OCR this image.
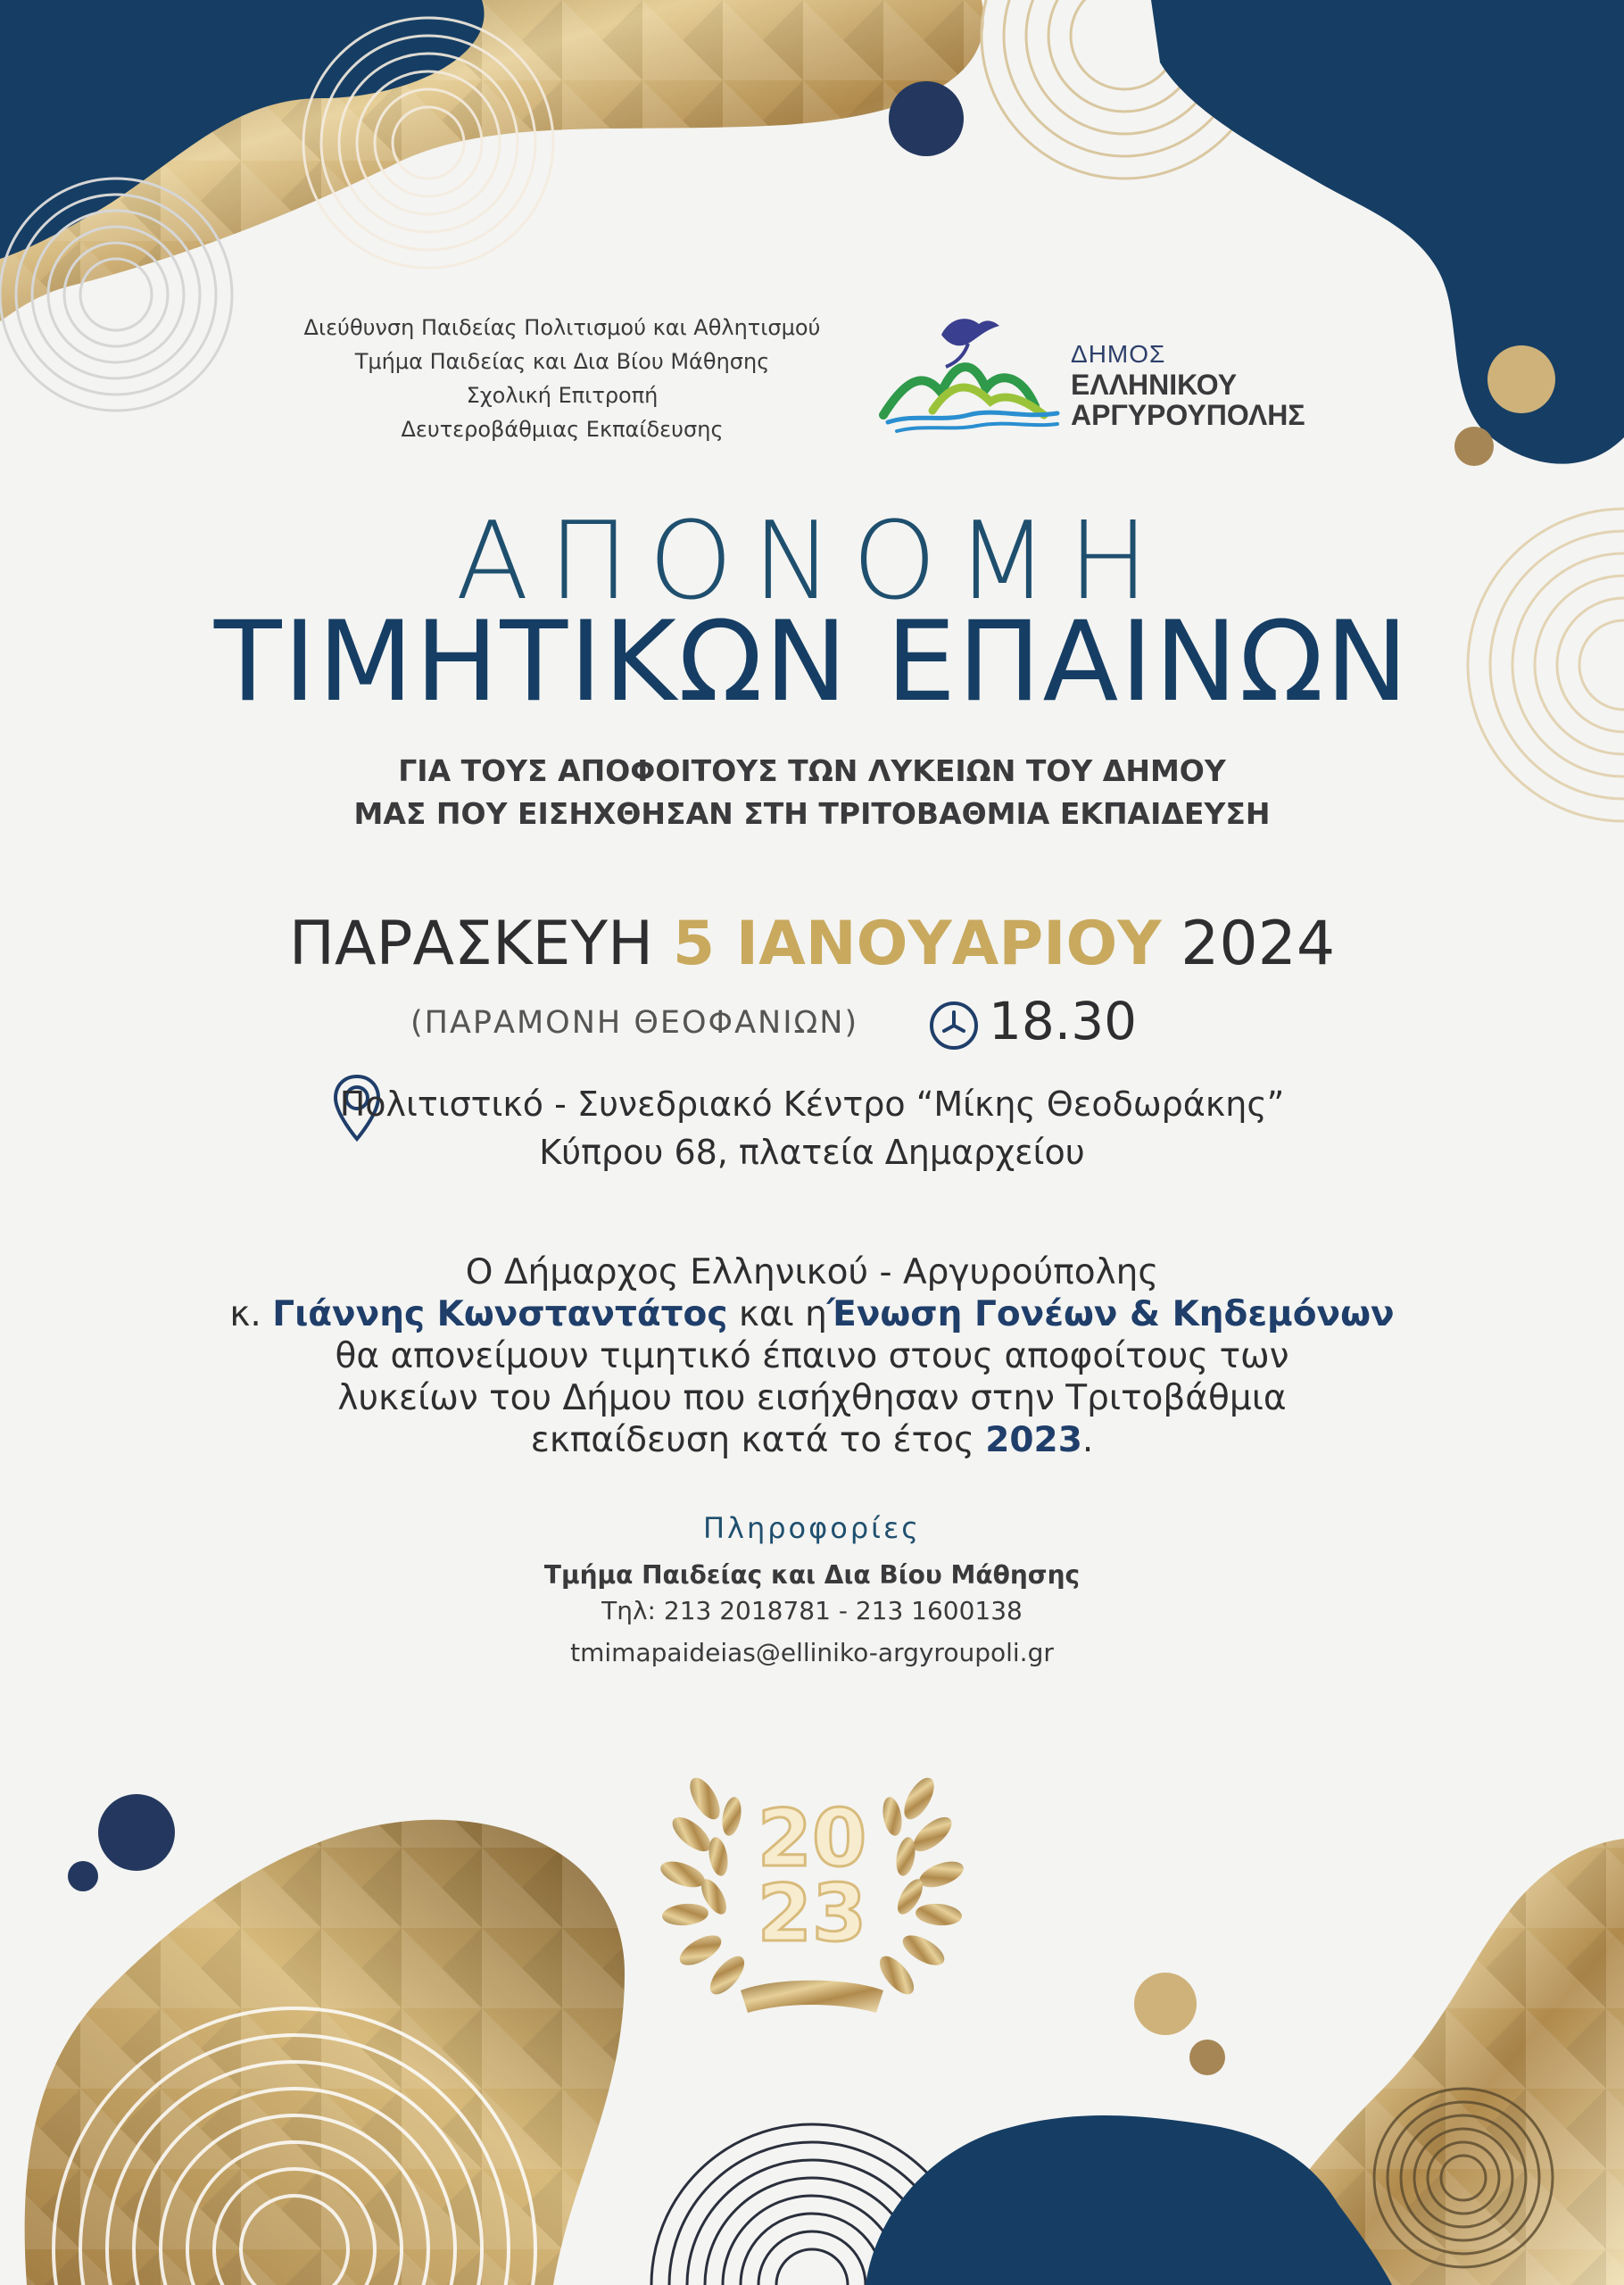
Διεύθυνση Παιδείας Πολιτισμού και Αθλητισμού
Τμήμα Παιδείας και Δια Βίου Μάθησης
Σχολική Επιτροπή
Δευτεροβάθμιας Εκπαίδευσης
ΔΗΜΟΣ
ΕΛΛΗΝΙΚΟΥ
ΑΡΓΥΡΟΥΠΟΛΗΣ
ΑΠΟΝΟΜΗ
ΤΙΜΗΤΙΚΩΝ ΕΠΑΙΝΩΝ
ΓΙΑ ΤΟΥΣ ΑΠΟΦΟΙΤΟΥΣ ΤΩΝ ΛΥΚΕΙΩΝ ΤΟΥ ΔΗΜΟΥ
ΜΑΣ ΠΟΥ ΕΙΣΗΧΘΗΣΑΝ ΣΤΗ ΤΡΙΤΟΒΑΘΜΙΑ ΕΚΠΑΙΔΕΥΣΗ
ΠΑΡΑΣΚΕΥΗ 5 ΙΑΝΟΥΑΡΙΟΥ 2024
(ΠΑΡΑΜΟΝΗ ΘΕΟΦΑΝΙΩΝ)	18.30
Πολιτιστικό - Συνεδριακό Κέντρο “Μίκης Θεοδωράκης”
Κύπρου 68, πλατεία Δημαρχείου
Ο Δήμαρχος Ελληνικού - Αργυρούπολης
κ. Γιάννης Κωνσταντάτος και ηΈνωση Γονέων & Κηδεμόνων
θα απονείμουν τιμητικό έπαινο στους αποφοίτους των
λυκείων του Δήμου που εισήχθησαν στην Τριτοβάθμια
εκπαίδευση κατά το έτος 2023.
Πληροφορίες
Τμήμα Παιδείας και Δια Βίου Μάθησης
Τηλ: 213 2018781 - 213 1600138
tmimapaideias@elliniko-argyroupoli.gr
20
23
